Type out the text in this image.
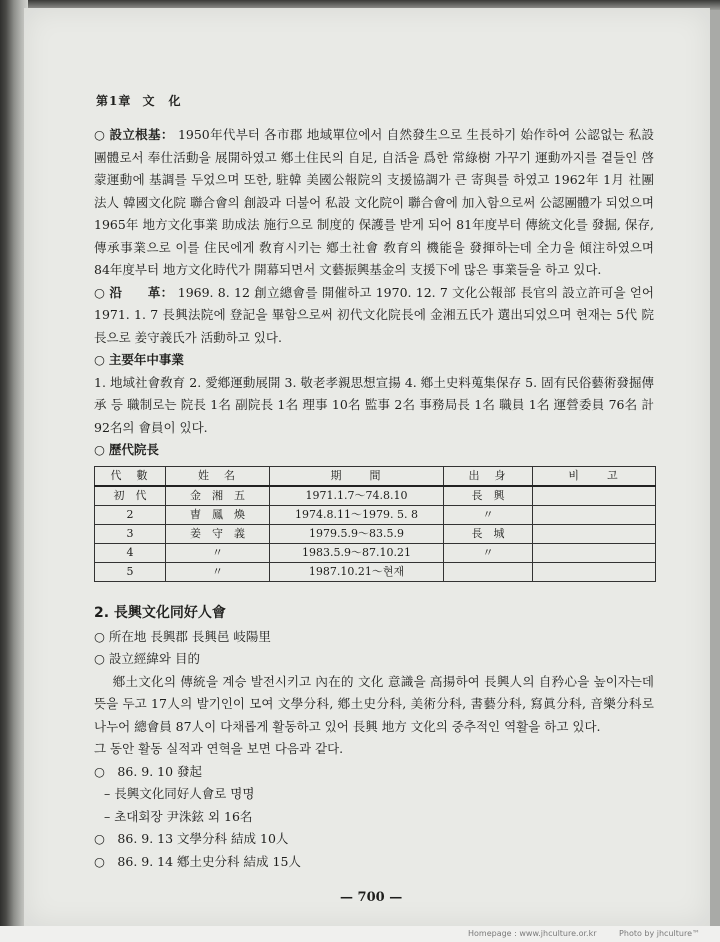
第1章 文　化

○ 設立根基： 1950年代부터 各市郡 地域單位에서 自然發生으로 生長하기 始作하여 公認없는 私設團體로서 奉仕活動을 展開하였고 鄕土住民의 自足, 自活을 爲한 常綠樹 가꾸기 運動까지를 곁들인 啓蒙運動에 基調를 두었으며 또한, 駐韓 美國公報院의 支援協調가 큰 寄與를 하였고 1962年 1月 社團法人 韓國文化院 聯合會의 創設과 더불어 私設 文化院이 聯合會에 加入함으로써 公認團體가 되었으며 1965年 地方文化事業 助成法 施行으로 制度的 保護를 받게 되어 81年度부터 傳統文化를 發掘, 保存, 傳承事業으로 이를 住民에게 敎育시키는 鄕土社會 敎育의 機能을 發揮하는데 全力을 傾注하였으며 84年度부터 地方文化時代가 開幕되면서 文藝振興基金의 支援下에 많은 事業들을 하고 있다.

○ 沿　　革： 1969. 8. 12 創立總會를 開催하고 1970. 12. 7 文化公報部 長官의 設立許可을 얻어 1971. 1. 7 長興法院에 登記을 畢함으로써 初代文化院長에 金湘五氏가 選出되었으며 현재는 5代 院長으로 姜守義氏가 活動하고 있다.

○ 主要年中事業

1. 地域社會敎育 2. 愛鄕運動展開 3. 敬老孝親思想宣揚 4. 鄕土史料蒐集保存 5. 固有民俗藝術發掘傳承 등 職制로는 院長 1名 副院長 1名 理事 10名 監事 2名 事務局長 1名 職員 1名 運營委員 76名 計 92名의 會員이 있다.

○ 歷代院長

代　數	姓　名	期　　間	出　身	비　　고
初　代	金　湘　五	1971.1.7〜74.8.10	長　興	
2	曺　鳳　煥	1974.8.11〜1979. 5. 8	〃	
3	姜　守　義	1979.5.9〜83.5.9	長　城	
4	〃	1983.5.9〜87.10.21	〃	
5	〃	1987.10.21〜현재		
2. 長興文化同好人會

○ 所在地 長興郡 長興邑 岐陽里

○ 設立經緯와 目的

鄕土文化의 傳統을 계승 발전시키고 內在的 文化 意識을 高揚하여 長興人의 自矜心을 높이자는데 뜻을 두고 17人의 발기인이 모여 文學分科, 鄕土史分科, 美術分科, 書藝分科, 寫眞分科, 音樂分科로 나누어 總會員 87人이 다채롭게 활동하고 있어 長興 地方 文化의 중추적인 역활을 하고 있다.

그 동안 활동 실적과 연혁을 보면 다음과 같다.

○　86. 9. 10 發起

– 長興文化同好人會로 명명

– 초대회장 尹洙鉉 외 16名

○　86. 9. 13 文學分科 結成 10人

○　86. 9. 14 鄕土史分科 結成 15人

— 700 —
Homepage : www.jhculture.or.kr	Photo by jhculture™
